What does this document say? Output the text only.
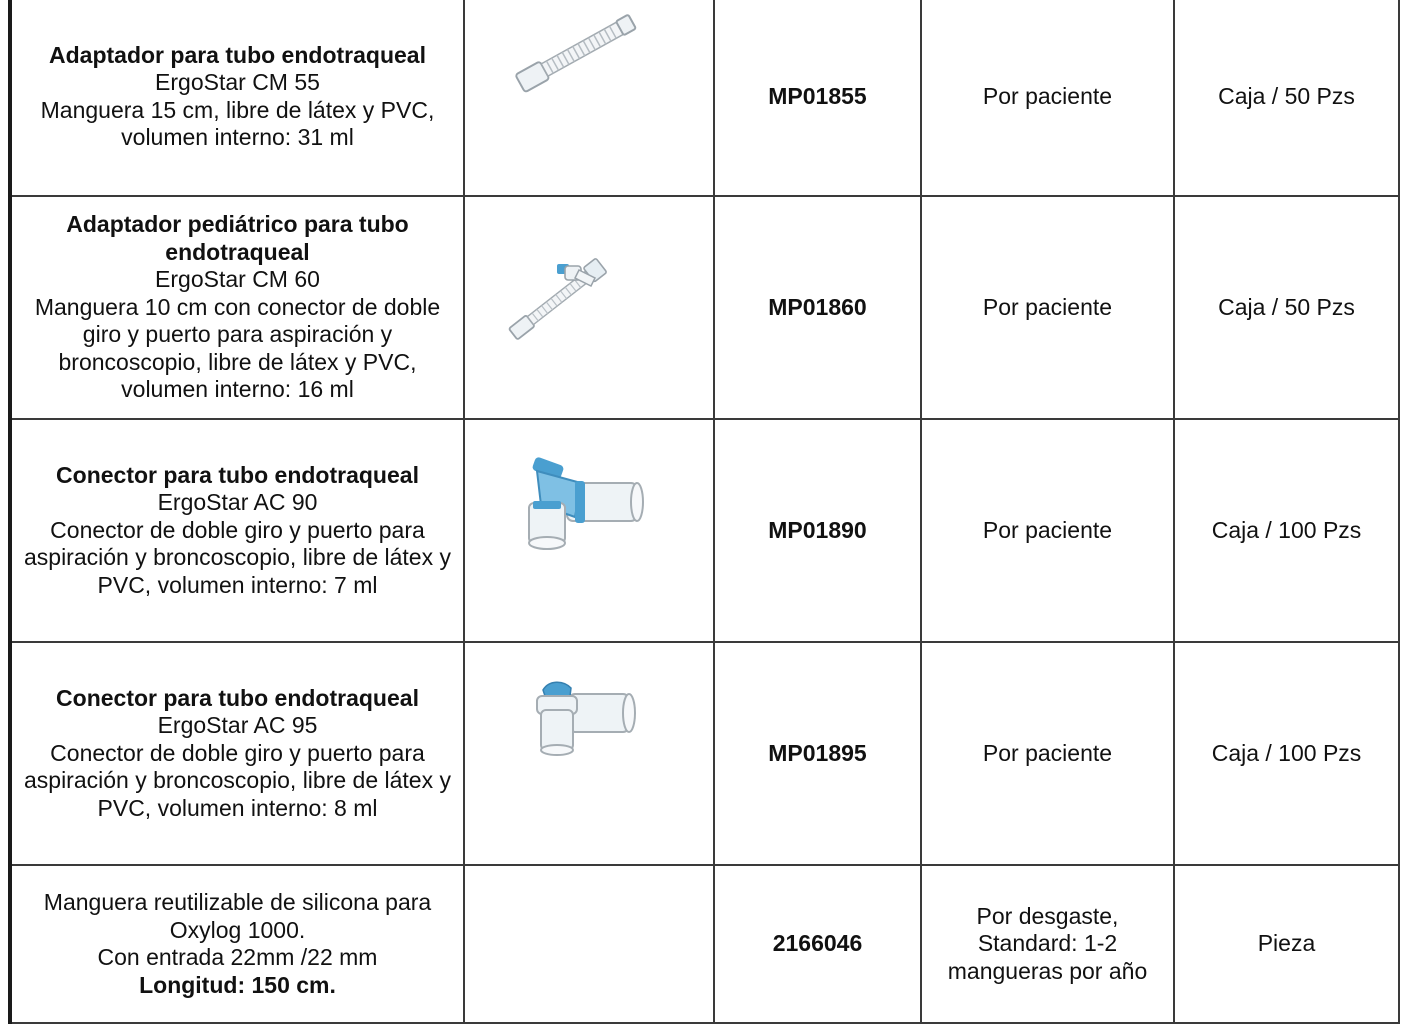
Adaptador para tubo endotraqueal
ErgoStar CM 55
Manguera 15 cm, libre de látex y PVC, volumen interno: 31 ml		MP01855	Por paciente	Caja / 50 Pzs

Adaptador pediátrico para tubo endotraqueal
ErgoStar CM 60
Manguera 10 cm con conector de doble giro y puerto para aspiración y broncoscopio, libre de látex y PVC, volumen interno: 16 ml		MP01860	Por paciente	Caja / 50 Pzs

Conector para tubo endotraqueal
ErgoStar AC 90
Conector de doble giro y puerto para aspiración y broncoscopio, libre de látex y PVC, volumen interno: 7 ml		MP01890	Por paciente	Caja / 100 Pzs

Conector para tubo endotraqueal
ErgoStar AC 95
Conector de doble giro y puerto para aspiración y broncoscopio, libre de látex y PVC, volumen interno: 8 ml		MP01895	Por paciente	Caja / 100 Pzs

Manguera reutilizable de silicona para Oxylog 1000.
Con entrada 22mm /22 mm
Longitud: 150 cm.		2166046	Por desgaste,
Standard: 1-2
mangueras por año	Pieza
